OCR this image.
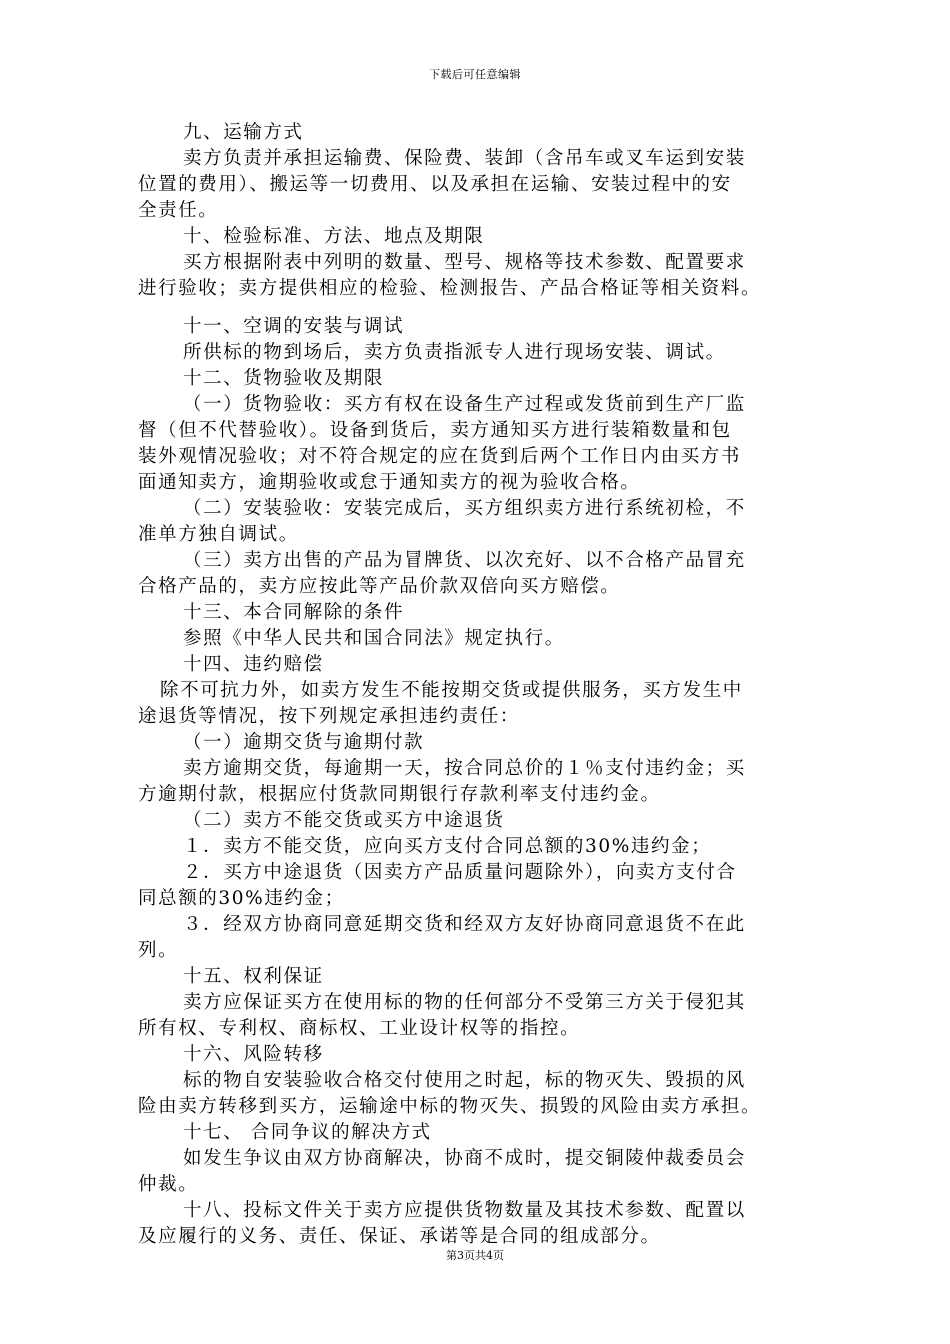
下载后可任意编辑
九、运输方式
卖方负责并承担运输费、保险费、装卸（含吊车或叉车运到安装
位置的费用）、搬运等一切费用、以及承担在运输、安装过程中的安
全责任。
十、检验标准、方法、地点及期限
买方根据附表中列明的数量、型号、规格等技术参数、配置要求
进行验收；卖方提供相应的检验、检测报告、产品合格证等相关资料。
十一、空调的安装与调试
所供标的物到场后，卖方负责指派专人进行现场安装、调试。
十二、货物验收及期限
（一）货物验收：买方有权在设备生产过程或发货前到生产厂监
督（但不代替验收）。设备到货后，卖方通知买方进行装箱数量和包
装外观情况验收；对不符合规定的应在货到后两个工作日内由买方书
面通知卖方，逾期验收或怠于通知卖方的视为验收合格。
（二）安装验收：安装完成后，买方组织卖方进行系统初检，不
准单方独自调试。
（三）卖方出售的产品为冒牌货、以次充好、以不合格产品冒充
合格产品的，卖方应按此等产品价款双倍向买方赔偿。
十三、本合同解除的条件
参照《中华人民共和国合同法》规定执行。
十四、违约赔偿
除不可抗力外，如卖方发生不能按期交货或提供服务，买方发生中
途退货等情况，按下列规定承担违约责任：
（一）逾期交货与逾期付款
卖方逾期交货，每逾期一天，按合同总价的１％支付违约金；买
方逾期付款，根据应付货款同期银行存款利率支付违约金。
（二）卖方不能交货或买方中途退货
１．卖方不能交货，应向买方支付合同总额的30%违约金；
２．买方中途退货（因卖方产品质量问题除外），向卖方支付合
同总额的30%违约金；
３．经双方协商同意延期交货和经双方友好协商同意退货不在此
列。
十五、权利保证
卖方应保证买方在使用标的物的任何部分不受第三方关于侵犯其
所有权、专利权、商标权、工业设计权等的指控。
十六、风险转移
标的物自安装验收合格交付使用之时起，标的物灭失、毁损的风
险由卖方转移到买方，运输途中标的物灭失、损毁的风险由卖方承担。
十七、 合同争议的解决方式
如发生争议由双方协商解决，协商不成时，提交铜陵仲裁委员会
仲裁。
十八、投标文件关于卖方应提供货物数量及其技术参数、配置以
及应履行的义务、责任、保证、承诺等是合同的组成部分。
第3页共4页
